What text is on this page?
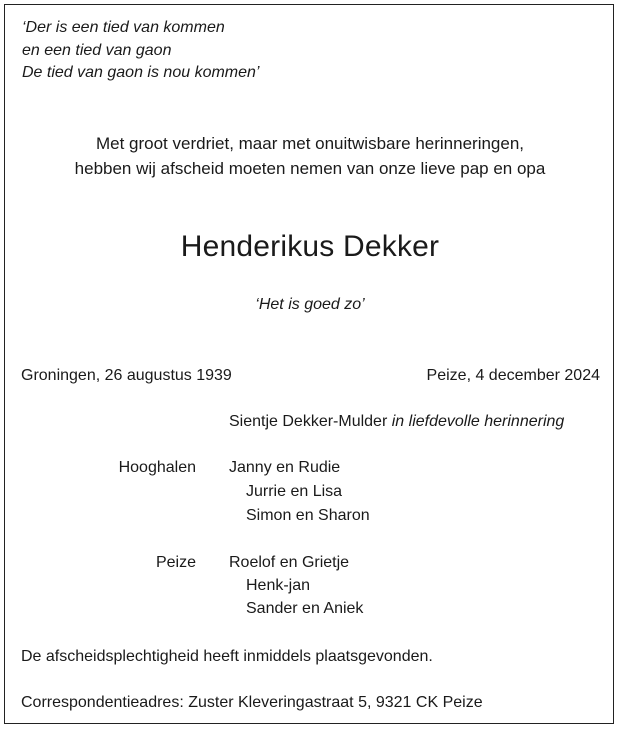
‘Der is een tied van kommen
en een tied van gaon
De tied van gaon is nou kommen’
Met groot verdriet, maar met onuitwisbare herinneringen,
hebben wij afscheid moeten nemen van onze lieve pap en opa
Henderikus Dekker
‘Het is goed zo’
Groningen, 26 augustus 1939	Peize, 4 december 2024
Sientje Dekker-Mulder in liefdevolle herinnering
Hooghalen Janny en Rudie
Jurrie en Lisa
Simon en Sharon
Peize Roelof en Grietje
Henk-jan
Sander en Aniek
De afscheidsplechtigheid heeft inmiddels plaatsgevonden.
Correspondentieadres: Zuster Kleveringastraat 5, 9321 CK Peize
